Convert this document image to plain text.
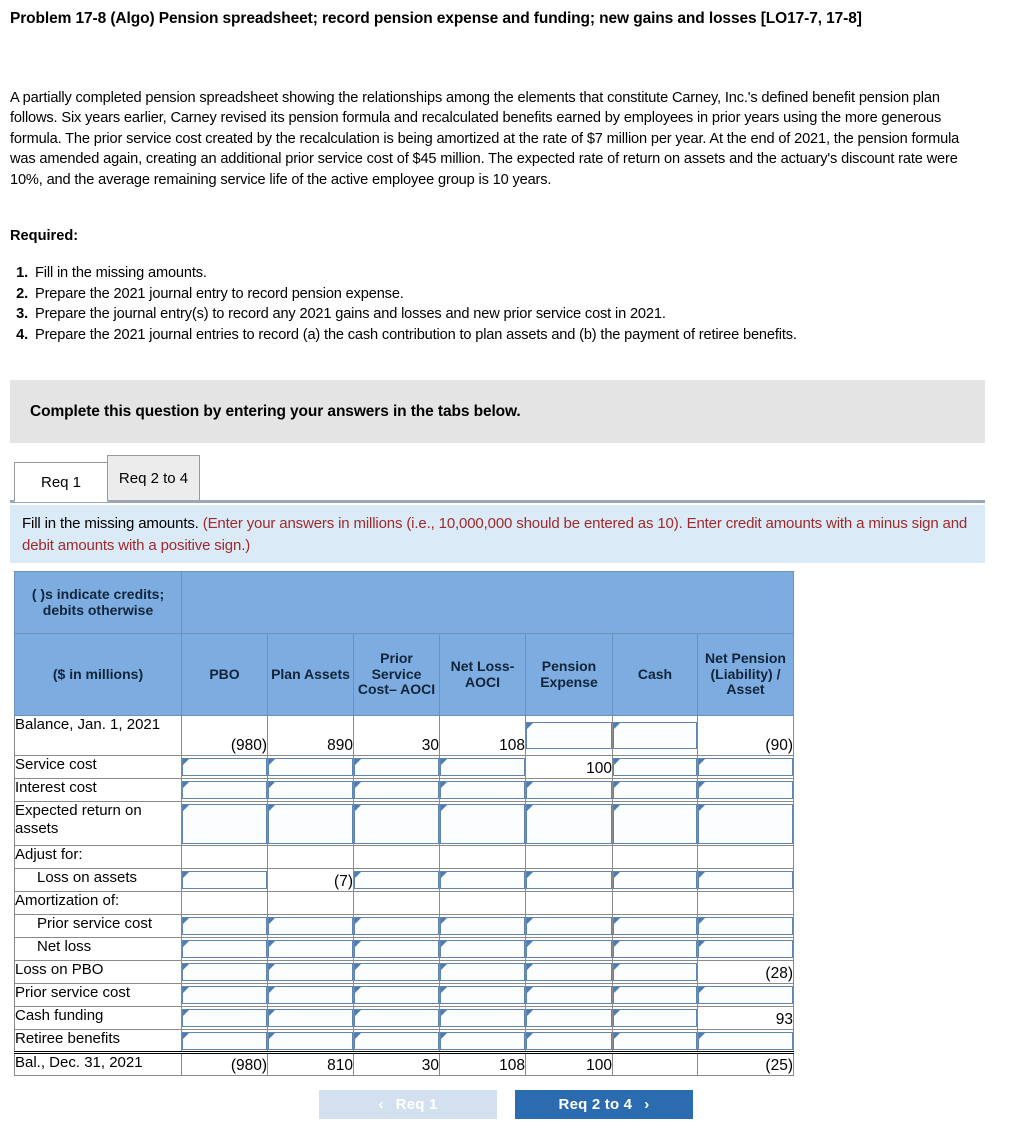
Problem 17-8 (Algo) Pension spreadsheet; record pension expense and funding; new gains and losses [LO17-7, 17-8]
A partially completed pension spreadsheet showing the relationships among the elements that constitute Carney, Inc.'s defined benefit pension plan follows. Six years earlier, Carney revised its pension formula and recalculated benefits earned by employees in prior years using the more generous formula. The prior service cost created by the recalculation is being amortized at the rate of $7 million per year. At the end of 2021, the pension formula was amended again, creating an additional prior service cost of $45 million. The expected rate of return on assets and the actuary's discount rate were 10%, and the average remaining service life of the active employee group is 10 years.
Required:
1. Fill in the missing amounts.
2. Prepare the 2021 journal entry to record pension expense.
3. Prepare the journal entry(s) to record any 2021 gains and losses and new prior service cost in 2021.
4. Prepare the 2021 journal entries to record (a) the cash contribution to plan assets and (b) the payment of retiree benefits.
Complete this question by entering your answers in the tabs below.
Req 1	Req 2 to 4
Fill in the missing amounts. (Enter your answers in millions (i.e., 10,000,000 should be entered as 10). Enter credit amounts with a minus sign and debit amounts with a positive sign.)
( )s indicate credits; debits otherwise							
($ in millions)	PBO	Plan Assets	Prior Service Cost– AOCI	Net Loss- AOCI	Pension Expense	Cash	Net Pension (Liability) / Asset
Balance, Jan. 1, 2021	(980)	890	30	108			(90)
Service cost					100	

Interest cost	

Expected return on assets	

Adjust for:							
Loss on assets		(7)	

Amortization of:							
Prior service cost	

Net loss	

Loss on PBO							(28)
Prior service cost	

Cash funding							93
Retiree benefits	

Bal., Dec. 31, 2021	(980)	810	30	108	100		(25)
‹ Req 1	Req 2 to 4 ›
